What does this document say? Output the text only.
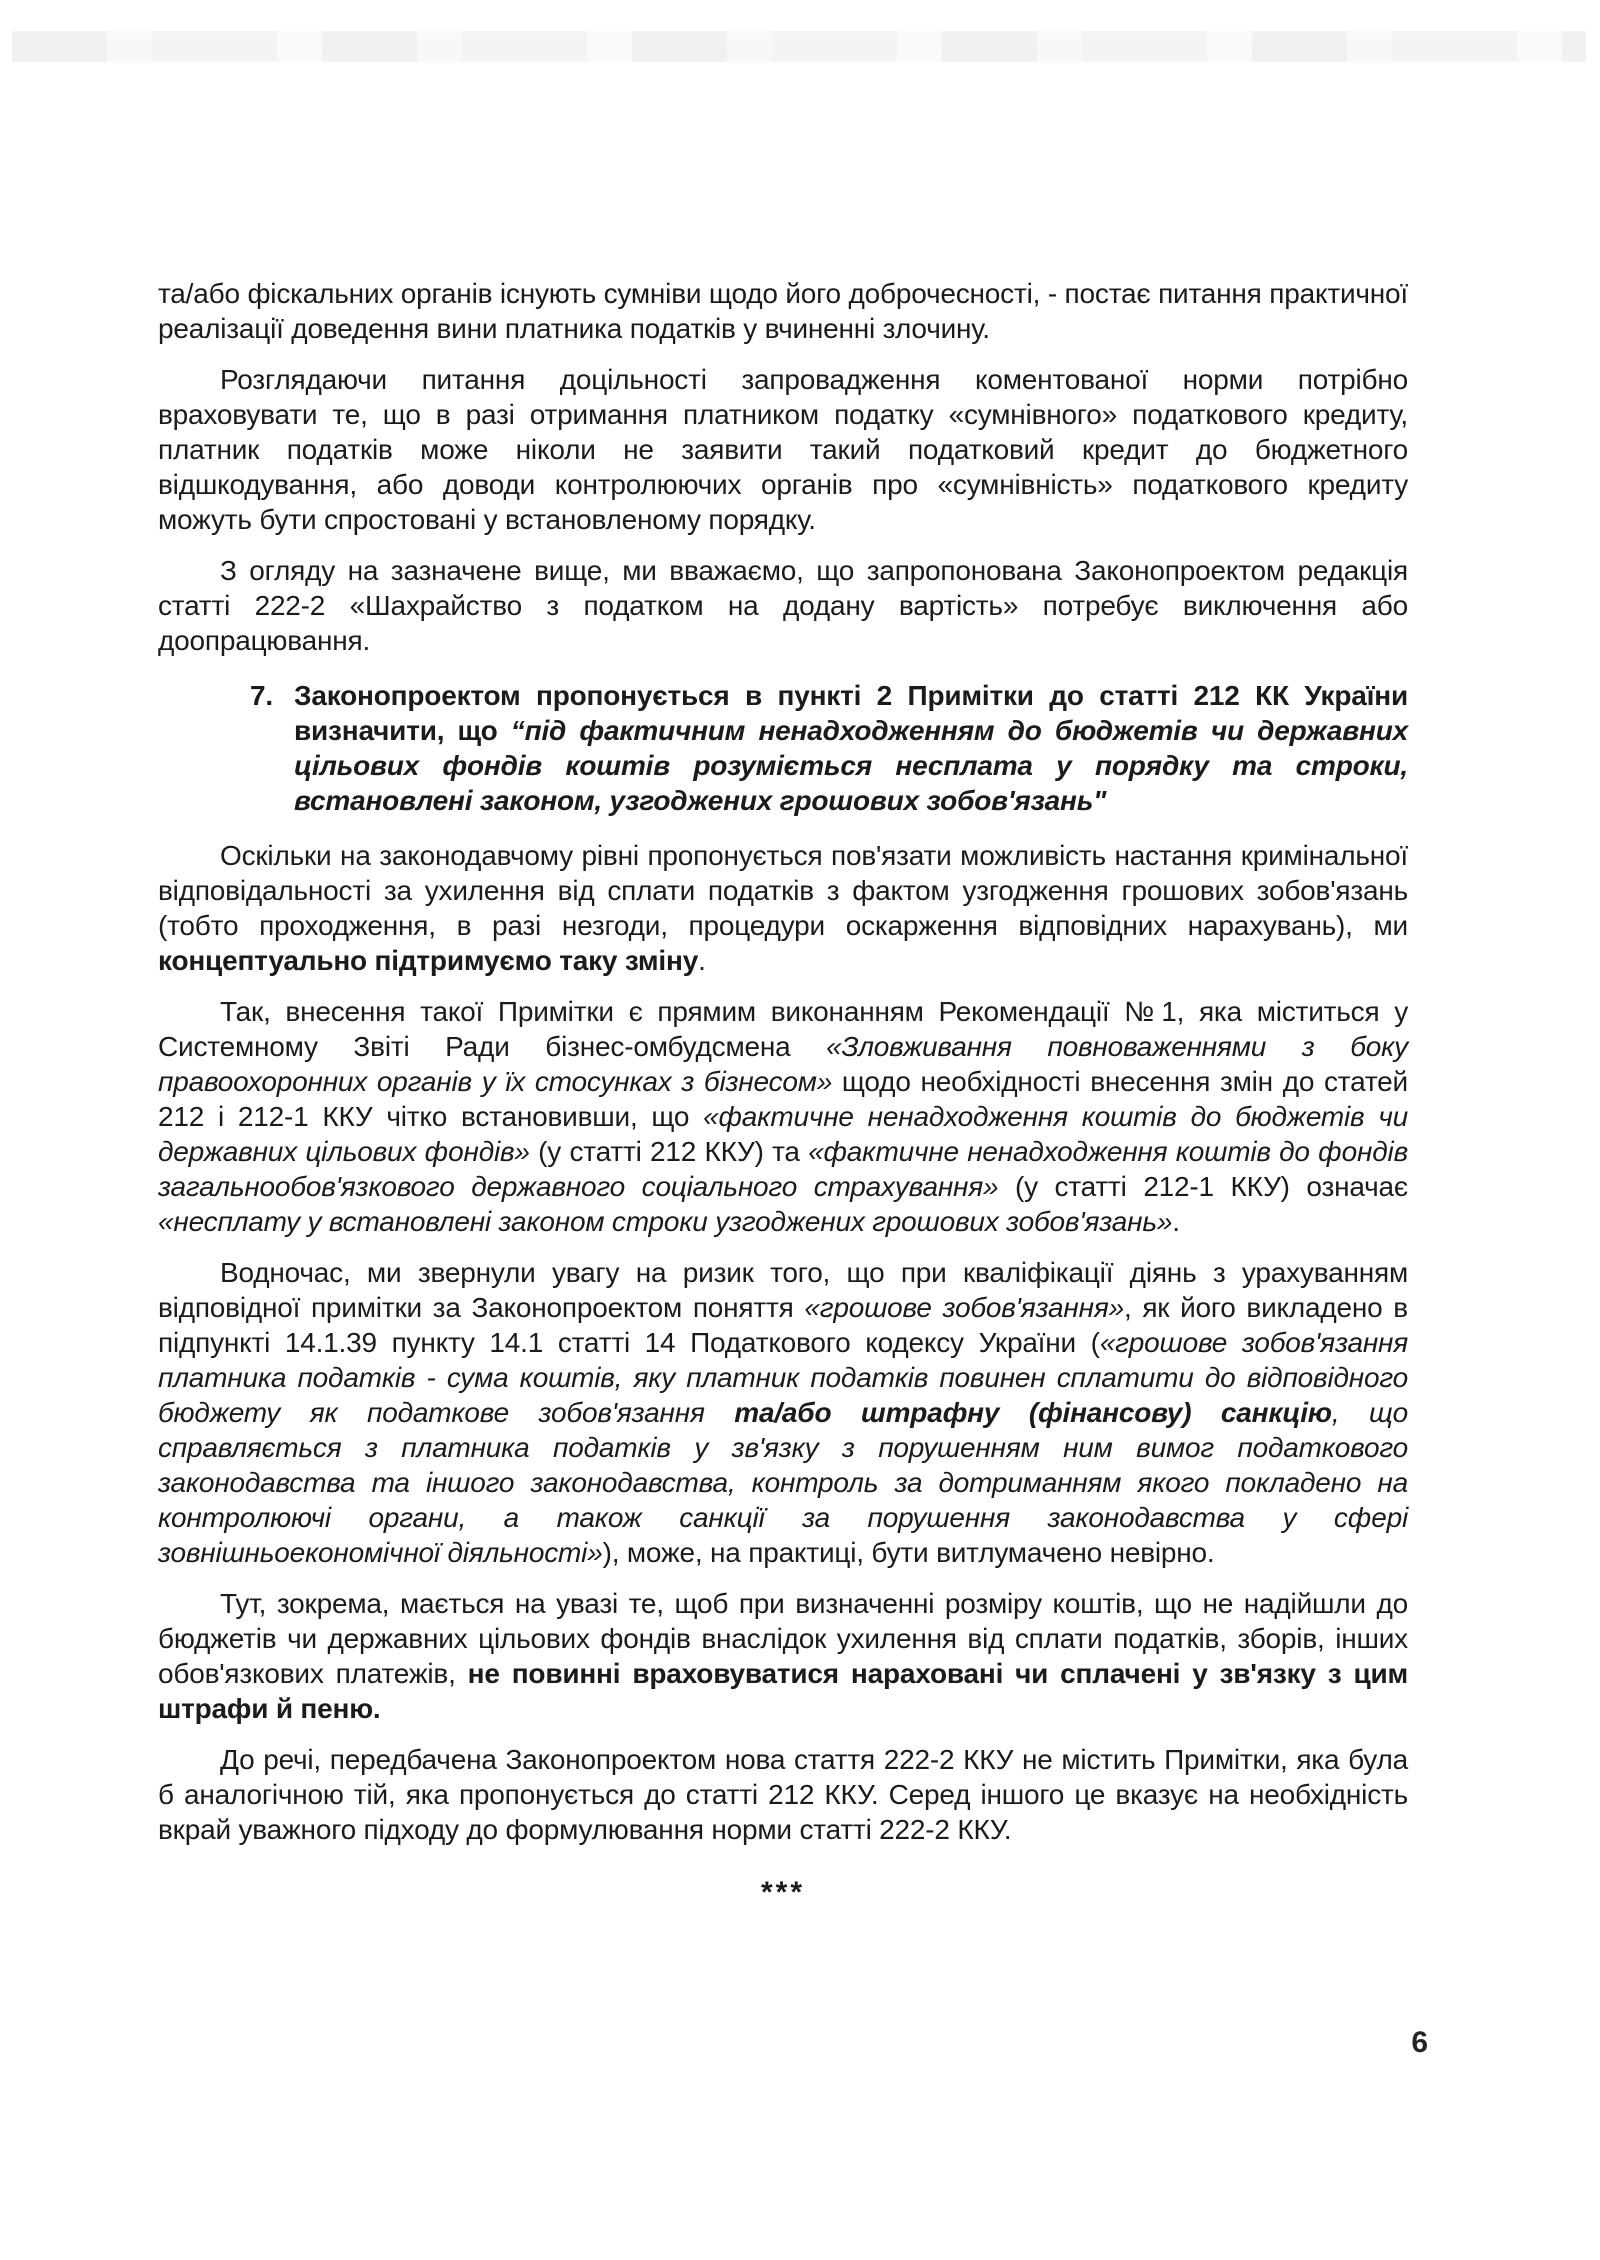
та/або фіскальних органів існують сумніви щодо його доброчесності, - постає питання практичної реалізації доведення вини платника податків у вчиненні злочину.

Розглядаючи питання доцільності запровадження коментованої норми потрібно враховувати те, що в разі отримання платником податку «сумнівного» податкового кредиту, платник податків може ніколи не заявити такий податковий кредит до бюджетного відшкодування, або доводи контролюючих органів про «сумнівність» податкового кредиту можуть бути спростовані у встановленому порядку.

З огляду на зазначене вище, ми вважаємо, що запропонована Законопроектом редакція статті 222-2 «Шахрайство з податком на додану вартість» потребує виключення або доопрацювання.

7. Законопроектом пропонується в пункті 2 Примітки до статті 212 КК України визначити, що “під фактичним ненадходженням до бюджетів чи державних цільових фондів коштів розуміється несплата у порядку та строки, встановлені законом, узгоджених грошових зобов'язань"

Оскільки на законодавчому рівні пропонується пов'язати можливість настання кримінальної відповідальності за ухилення від сплати податків з фактом узгодження грошових зобов'язань (тобто проходження, в разі незгоди, процедури оскарження відповідних нарахувань), ми концептуально підтримуємо таку зміну.

Так, внесення такої Примітки є прямим виконанням Рекомендації №1, яка міститься у Системному Звіті Ради бізнес-омбудсмена «Зловживання повноваженнями з боку правоохоронних органів у їх стосунках з бізнесом» щодо необхідності внесення змін до статей 212 і 212-1 ККУ чітко встановивши, що «фактичне ненадходження коштів до бюджетів чи державних цільових фондів» (у статті 212 ККУ) та «фактичне ненадходження коштів до фондів загальнообов'язкового державного соціального страхування» (у статті 212-1 ККУ) означає «несплату у встановлені законом строки узгоджених грошових зобов'язань».

Водночас, ми звернули увагу на ризик того, що при кваліфікації діянь з урахуванням відповідної примітки за Законопроектом поняття «грошове зобов'язання», як його викладено в підпункті 14.1.39 пункту 14.1 статті 14 Податкового кодексу України («грошове зобов'язання платника податків - сума коштів, яку платник податків повинен сплатити до відповідного бюджету як податкове зобов'язання та/або штрафну (фінансову) санкцію, що справляється з платника податків у зв'язку з порушенням ним вимог податкового законодавства та іншого законодавства, контроль за дотриманням якого покладено на контролюючі органи, а також санкції за порушення законодавства у сфері зовнішньоекономічної діяльності»), може, на практиці, бути витлумачено невірно.

Тут, зокрема, мається на увазі те, щоб при визначенні розміру коштів, що не надійшли до бюджетів чи державних цільових фондів внаслідок ухилення від сплати податків, зборів, інших обов'язкових платежів, не повинні враховуватися нараховані чи сплачені у зв'язку з цим штрафи й пеню.

До речі, передбачена Законопроектом нова стаття 222-2 ККУ не містить Примітки, яка була б аналогічною тій, яка пропонується до статті 212 ККУ. Серед іншого це вказує на необхідність вкрай уважного підходу до формулювання норми статті 222-2 ККУ.

***
6
